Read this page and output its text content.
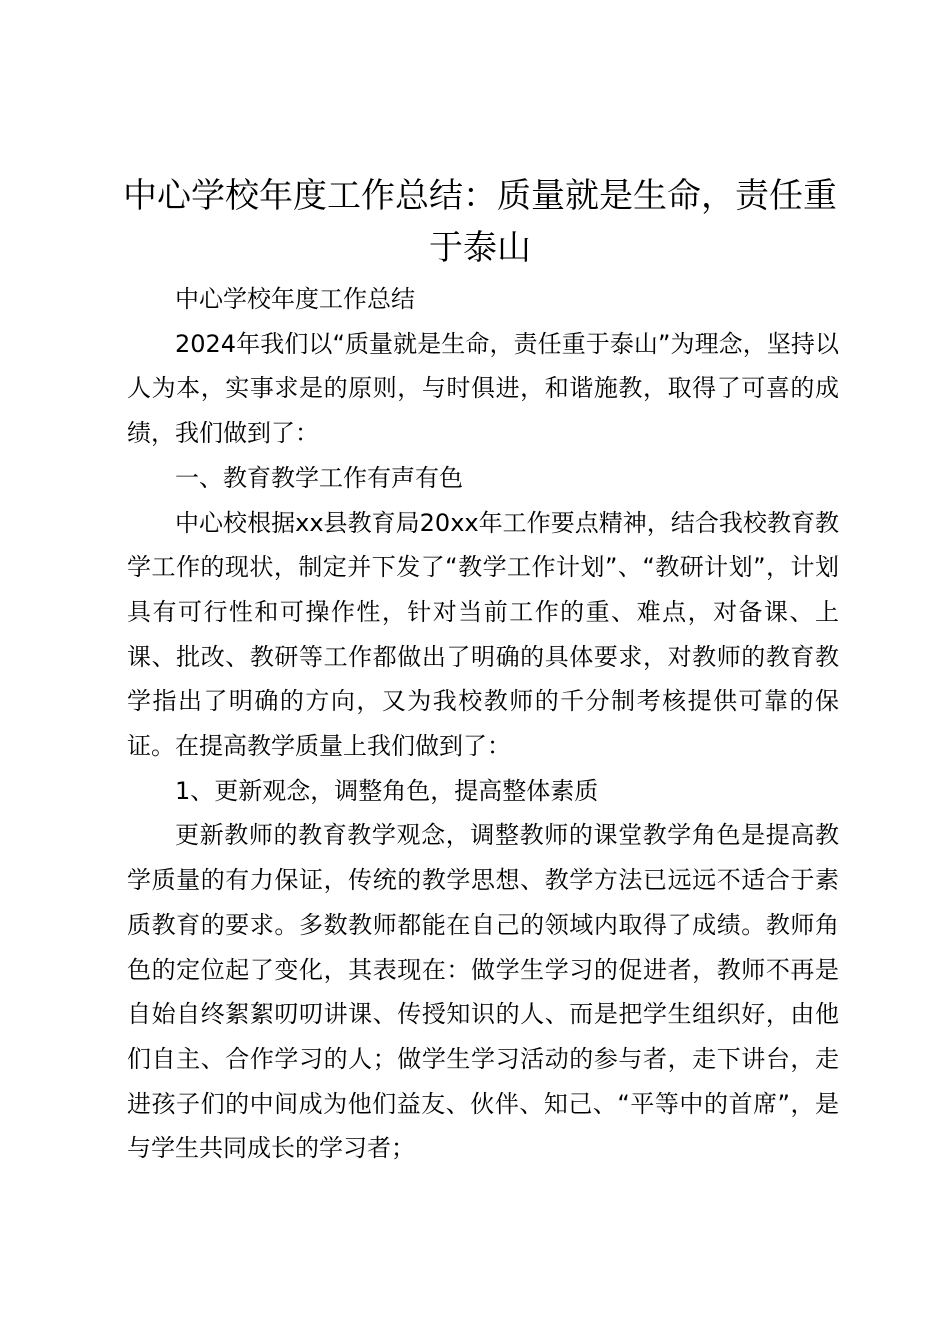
中心学校年度工作总结：质量就是生命，责任重于泰山

中心学校年度工作总结

2024年我们以“质量就是生命，责任重于泰山”为理念，坚持以人为本，实事求是的原则，与时俱进，和谐施教，取得了可喜的成绩，我们做到了：

一、教育教学工作有声有色

中心校根据xx县教育局20xx年工作要点精神，结合我校教育教学工作的现状，制定并下发了“教学工作计划”、“教研计划”，计划具有可行性和可操作性，针对当前工作的重、难点，对备课、上课、批改、教研等工作都做出了明确的具体要求，对教师的教育教学指出了明确的方向，又为我校教师的千分制考核提供可靠的保证。在提高教学质量上我们做到了：

1、更新观念，调整角色，提高整体素质

更新教师的教育教学观念，调整教师的课堂教学角色是提高教学质量的有力保证，传统的教学思想、教学方法已远远不适合于素质教育的要求。多数教师都能在自己的领域内取得了成绩。教师角色的定位起了变化，其表现在：做学生学习的促进者，教师不再是自始自终絮絮叨叨讲课、传授知识的人、而是把学生组织好，由他们自主、合作学习的人；做学生学习活动的参与者，走下讲台，走进孩子们的中间成为他们益友、伙伴、知己、“平等中的首席”，是与学生共同成长的学习者；
